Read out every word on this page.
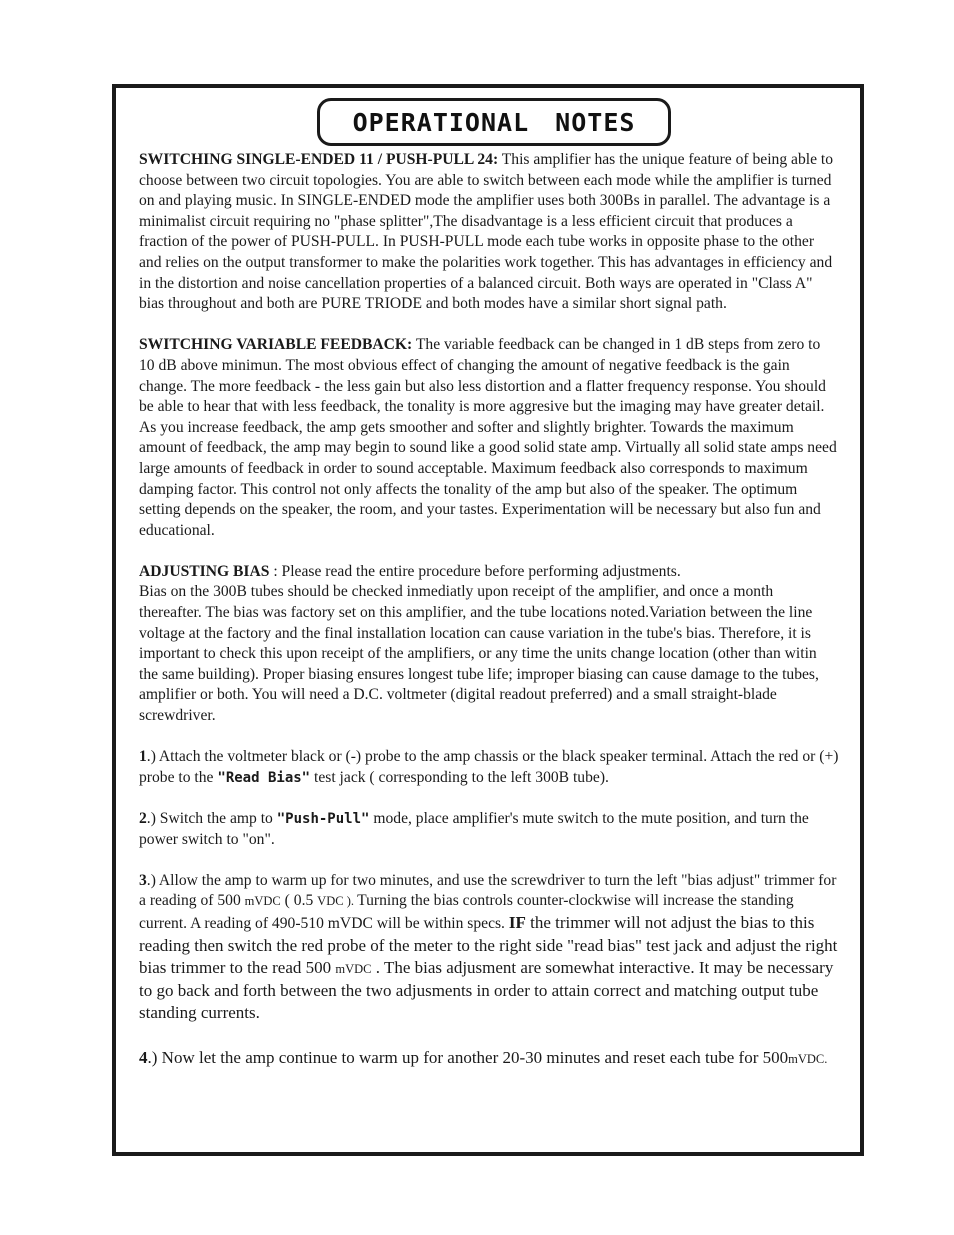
OPERATIONAL NOTES

SWITCHING SINGLE-ENDED 11 / PUSH-PULL 24: This amplifier has the unique feature of being able to choose between two circuit topologies. You are able to switch between each mode while the amplifier is turned on and playing music. In SINGLE-ENDED mode the amplifier uses both 300Bs in parallel. The advantage is a minimalist circuit requiring no "phase splitter",The disadvantage is a less efficient circuit that produces a fraction of the power of PUSH-PULL. In PUSH-PULL mode each tube works in opposite phase to the other and relies on the output transformer to make the polarities work together. This has advantages in efficiency and in the distortion and noise cancellation properties of a balanced circuit. Both ways are operated in "Class A" bias throughout and both are PURE TRIODE and both modes have a similar short signal path.

SWITCHING VARIABLE FEEDBACK: The variable feedback can be changed in 1 dB steps from zero to 10 dB above minimun. The most obvious effect of changing the amount of negative feedback is the gain change. The more feedback - the less gain but also less distortion and a flatter frequency response. You should be able to hear that with less feedback, the tonality is more aggresive but the imaging may have greater detail. As you increase feedback, the amp gets smoother and softer and slightly brighter. Towards the maximum amount of feedback, the amp may begin to sound like a good solid state amp. Virtually all solid state amps need large amounts of feedback in order to sound acceptable. Maximum feedback also corresponds to maximum damping factor. This control not only affects the tonality of the amp but also of the speaker. The optimum setting depends on the speaker, the room, and your tastes. Experimentation will be necessary but also fun and educational.

ADJUSTING BIAS : Please read the entire procedure before performing adjustments.

Bias on the 300B tubes should be checked inmediatly upon receipt of the amplifier, and once a month thereafter. The bias was factory set on this amplifier, and the tube locations noted.Variation between the line voltage at the factory and the final installation location can cause variation in the tube's bias. Therefore, it is important to check this upon receipt of the amplifiers, or any time the units change location (other than witin the same building). Proper biasing ensures longest tube life; improper biasing can cause damage to the tubes, amplifier or both. You will need a D.C. voltmeter (digital readout preferred) and a small straight-blade screwdriver.

1.) Attach the voltmeter black or (-) probe to the amp chassis or the black speaker terminal. Attach the red or (+) probe to the "Read Bias" test jack ( corresponding to the left 300B tube).

2.) Switch the amp to "Push-Pull" mode, place amplifier's mute switch to the mute position, and turn the power switch to "on".

3.) Allow the amp to warm up for two minutes, and use the screwdriver to turn the left "bias adjust" trimmer for a reading of 500 mVDC ( 0.5 VDC ). Turning the bias controls counter-clockwise will increase the standing current. A reading of 490-510 mVDC will be within specs. IF the trimmer will not adjust the bias to this reading then switch the red probe of the meter to the right side "read bias" test jack and adjust the right bias trimmer to the read 500 mVDC . The bias adjusment are somewhat interactive. It may be necessary to go back and forth between the two adjusments in order to attain correct and matching output tube standing currents.

4.) Now let the amp continue to warm up for another 20-30 minutes and reset each tube for 500mVDC.
